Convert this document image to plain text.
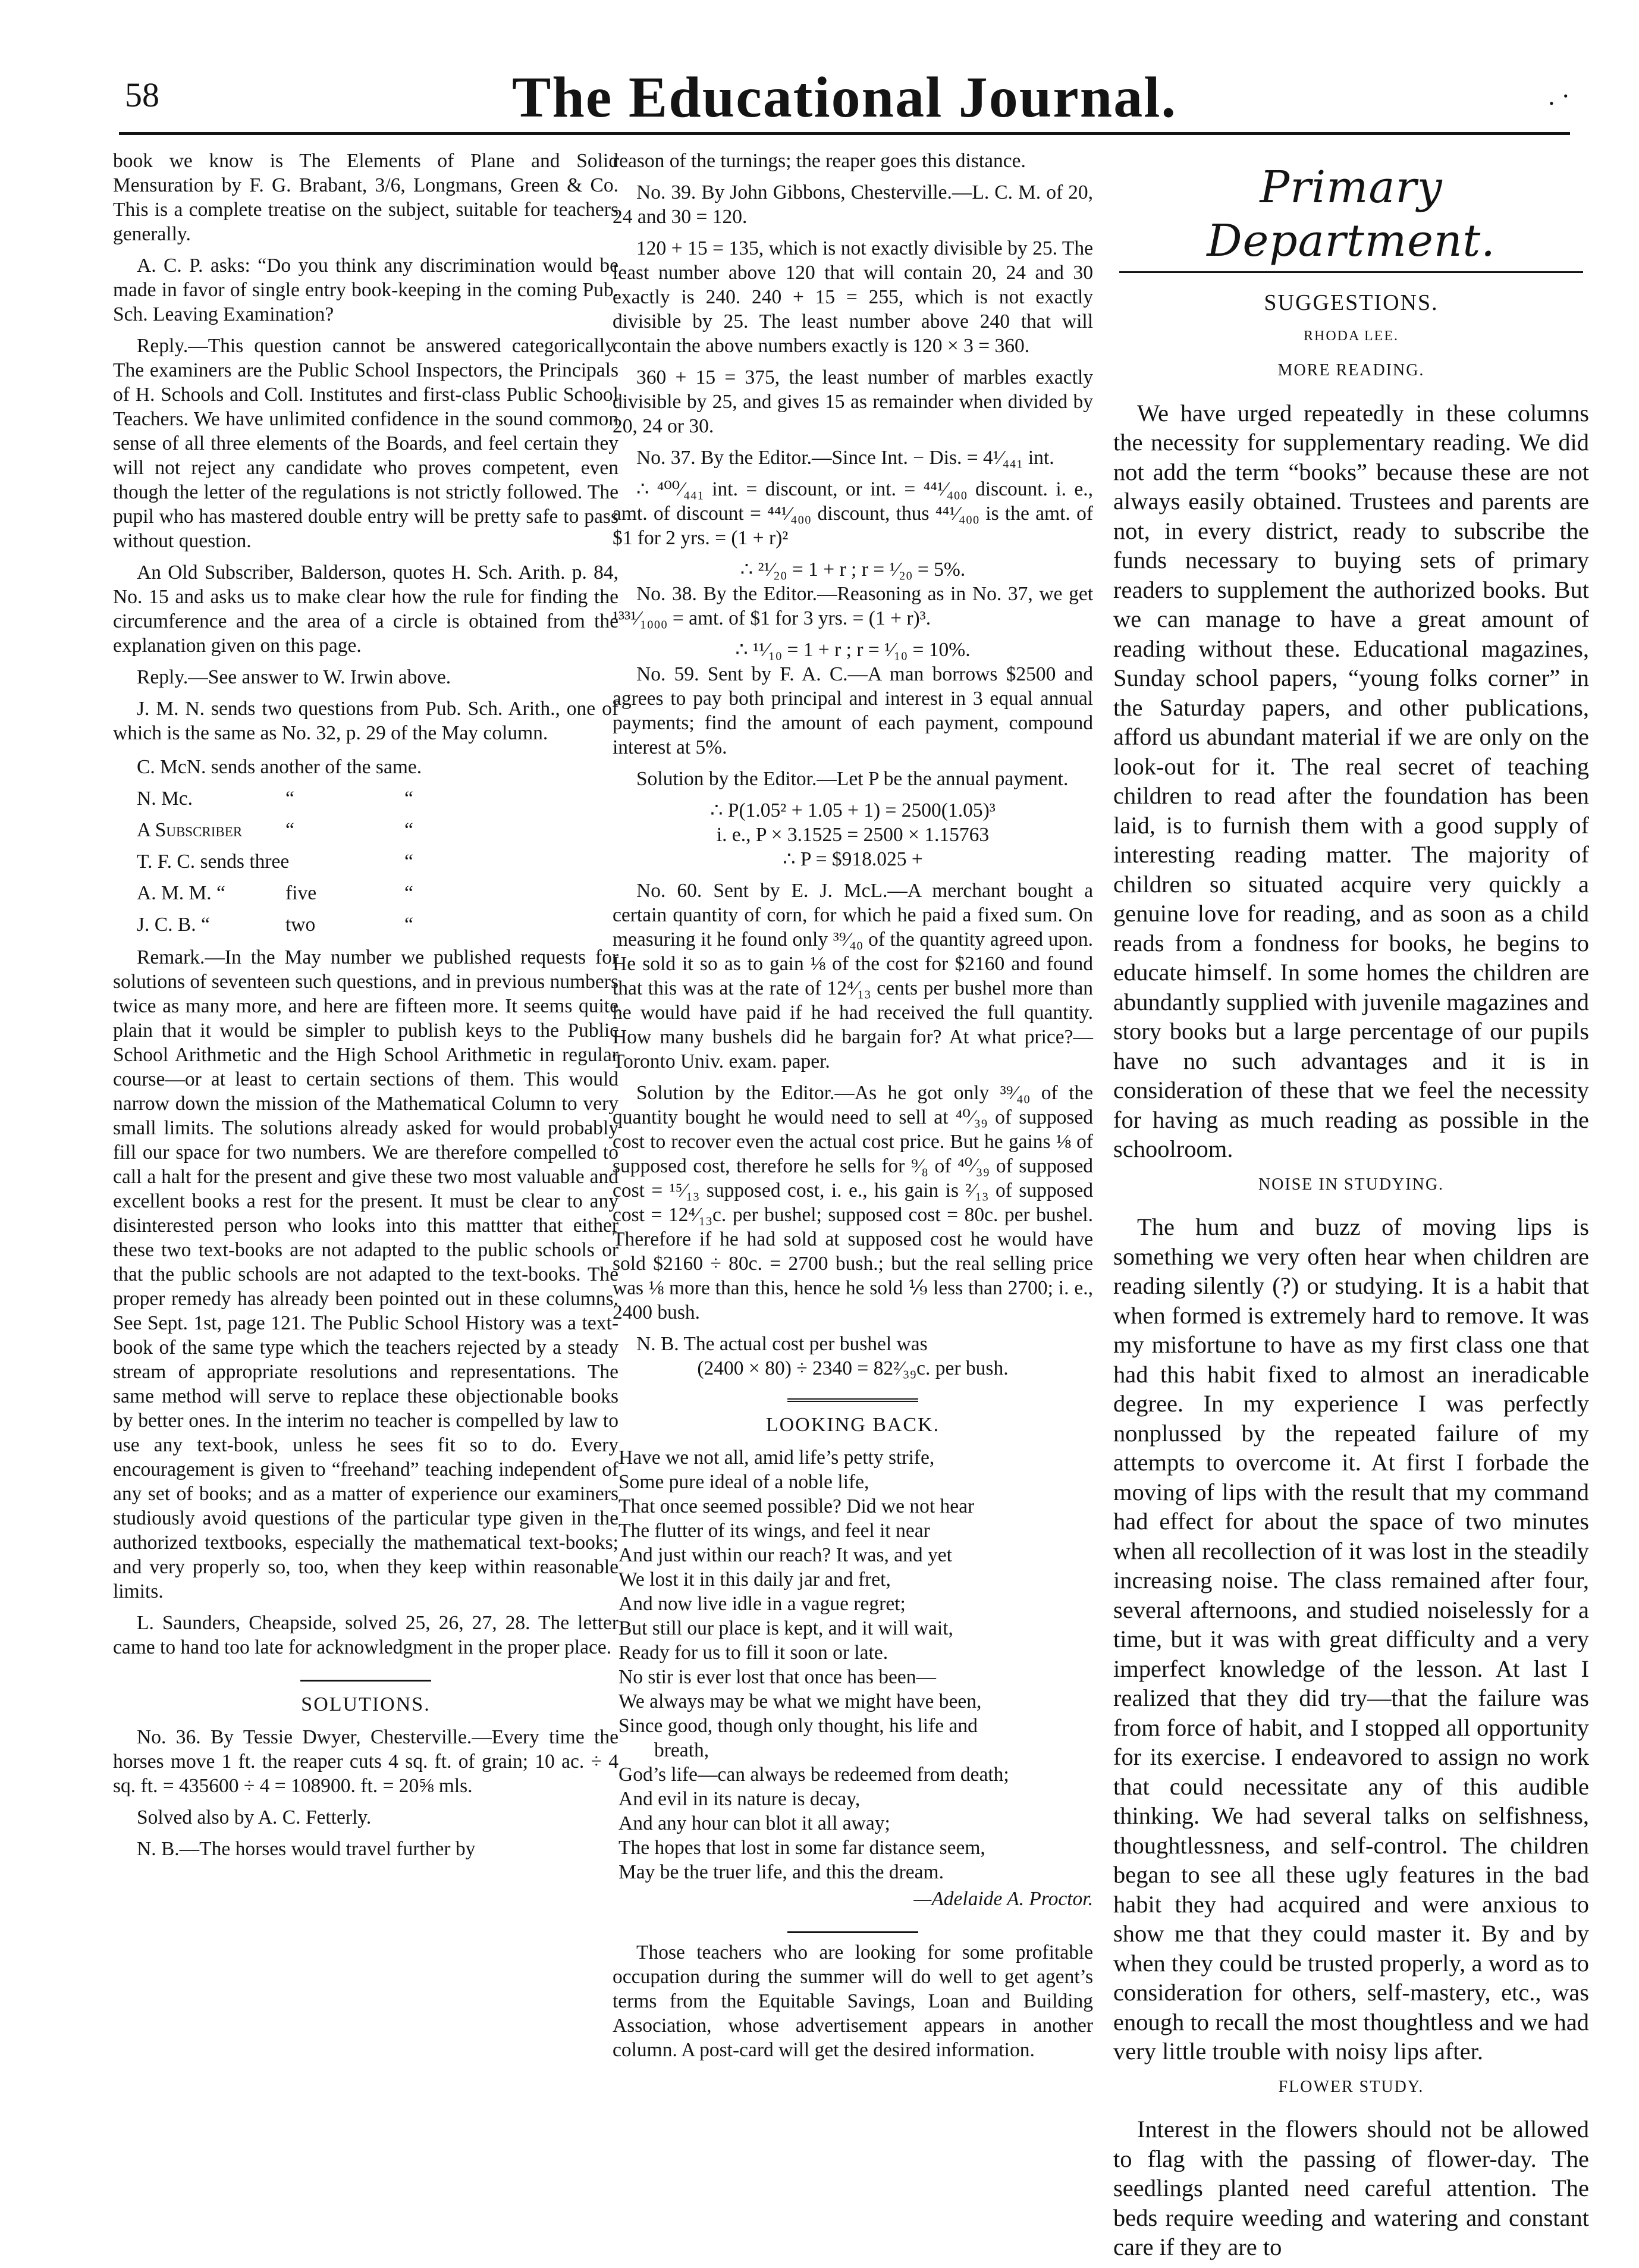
58	The Educational Journal.	. ·

book we know is The Elements of Plane and Solid Mensuration by F. G. Brabant, 3/6, Longmans, Green & Co. This is a complete treatise on the subject, suitable for teachers generally.

A. C. P. asks: “Do you think any discrimination would be made in favor of single entry book-keeping in the coming Pub. Sch. Leaving Examination?

Reply.—This question cannot be answered categorically. The examiners are the Public School Inspectors, the Principals of H. Schools and Coll. Institutes and first-class Public School Teachers. We have unlimited confidence in the sound common sense of all three elements of the Boards, and feel certain they will not reject any candidate who proves competent, even though the letter of the regulations is not strictly followed. The pupil who has mastered double entry will be pretty safe to pass without question.

An Old Subscriber, Balderson, quotes H. Sch. Arith. p. 84, No. 15 and asks us to make clear how the rule for finding the circumference and the area of a circle is obtained from the explanation given on this page.

Reply.—See answer to W. Irwin above.

J. M. N. sends two questions from Pub. Sch. Arith., one of which is the same as No. 32, p. 29 of the May column.

C. McN. sends another of the same.		
N. Mc.	“	“
A Subscriber	“	“
T. F. C. sends three		“
A. M. M. “	five	“
J. C. B. “	two	“

Remark.—In the May number we published requests for solutions of seventeen such questions, and in previous numbers twice as many more, and here are fifteen more. It seems quite plain that it would be simpler to publish keys to the Public School Arithmetic and the High School Arithmetic in regular course—or at least to certain sections of them. This would narrow down the mission of the Mathematical Column to very small limits. The solutions already asked for would probably fill our space for two numbers. We are therefore compelled to call a halt for the present and give these two most valuable and excellent books a rest for the present. It must be clear to any disinterested person who looks into this mattter that either these two text-books are not adapted to the public schools or that the public schools are not adapted to the text-books. The proper remedy has already been pointed out in these columns. See Sept. 1st, page 121. The Public School History was a text-book of the same type which the teachers rejected by a steady stream of appropriate resolutions and representations. The same method will serve to replace these objectionable books by better ones. In the interim no teacher is compelled by law to use any text-book, unless he sees fit so to do. Every encouragement is given to “freehand” teaching independent of any set of books; and as a matter of experience our examiners studiously avoid questions of the particular type given in the authorized textbooks, especially the mathematical text-books; and very properly so, too, when they keep within reasonable limits.

L. Saunders, Cheapside, solved 25, 26, 27, 28. The letter came to hand too late for acknowledgment in the proper place.

SOLUTIONS.

No. 36. By Tessie Dwyer, Chesterville.—Every time the horses move 1 ft. the reaper cuts 4 sq. ft. of grain; 10 ac. ÷ 4 sq. ft. = 435600 ÷ 4 = 108900. ft. = 20⅝ mls.

Solved also by A. C. Fetterly.

N. B.—The horses would travel further by

reason of the turnings; the reaper goes this distance.

No. 39. By John Gibbons, Chesterville.—L. C. M. of 20, 24 and 30 = 120.

120 + 15 = 135, which is not exactly divisible by 25. The least number above 120 that will contain 20, 24 and 30 exactly is 240. 240 + 15 = 255, which is not exactly divisible by 25. The least number above 240 that will contain the above numbers exactly is 120 × 3 = 360.

360 + 15 = 375, the least number of marbles exactly divisible by 25, and gives 15 as remainder when divided by 20, 24 or 30.

No. 37. By the Editor.—Since Int. − Dis. = 4¹⁄₄₄₁ int.

∴ ⁴⁰⁰⁄₄₄₁ int. = discount, or int. = ⁴⁴¹⁄₄₀₀ discount. i. e., amt. of discount = ⁴⁴¹⁄₄₀₀ discount, thus ⁴⁴¹⁄₄₀₀ is the amt. of $1 for 2 yrs. = (1 + r)²

∴ ²¹⁄₂₀ = 1 + r ; r = ¹⁄₂₀ = 5%.

No. 38. By the Editor.—Reasoning as in No. 37, we get ¹³³¹⁄₁₀₀₀ = amt. of $1 for 3 yrs. = (1 + r)³.

∴ ¹¹⁄₁₀ = 1 + r ; r = ¹⁄₁₀ = 10%.

No. 59. Sent by F. A. C.—A man borrows $2500 and agrees to pay both principal and interest in 3 equal annual payments; find the amount of each payment, compound interest at 5%.

Solution by the Editor.—Let P be the annual payment.

∴ P(1.05² + 1.05 + 1) = 2500(1.05)³
i. e., P × 3.1525 = 2500 × 1.15763
∴ P = $918.025 +

No. 60. Sent by E. J. McL.—A merchant bought a certain quantity of corn, for which he paid a fixed sum. On measuring it he found only ³⁹⁄₄₀ of the quantity agreed upon. He sold it so as to gain ⅛ of the cost for $2160 and found that this was at the rate of 12⁴⁄₁₃ cents per bushel more than he would have paid if he had received the full quantity. How many bushels did he bargain for? At what price?—Toronto Univ. exam. paper.

Solution by the Editor.—As he got only ³⁹⁄₄₀ of the quantity bought he would need to sell at ⁴⁰⁄₃₉ of supposed cost to recover even the actual cost price. But he gains ⅛ of supposed cost, therefore he sells for ⁹⁄₈ of ⁴⁰⁄₃₉ of supposed cost = ¹⁵⁄₁₃ supposed cost, i. e., his gain is ²⁄₁₃ of supposed cost = 12⁴⁄₁₃c. per bushel; supposed cost = 80c. per bushel. Therefore if he had sold at supposed cost he would have sold $2160 ÷ 80c. = 2700 bush.; but the real selling price was ⅛ more than this, hence he sold ⅑ less than 2700; i. e., 2400 bush.

N. B. The actual cost per bushel was

(2400 × 80) ÷ 2340 = 82²⁄₃₉c. per bush.
LOOKING BACK.
Have we not all, amid life’s petty strife,
Some pure ideal of a noble life,
That once seemed possible? Did we not hear
The flutter of its wings, and feel it near
And just within our reach? It was, and yet
We lost it in this daily jar and fret,
And now live idle in a vague regret;
But still our place is kept, and it will wait,
Ready for us to fill it soon or late.
No stir is ever lost that once has been—
We always may be what we might have been,
Since good, though only thought, his life and
breath,
God’s life—can always be redeemed from death;
And evil in its nature is decay,
And any hour can blot it all away;
The hopes that lost in some far distance seem,
May be the truer life, and this the dream.
—Adelaide A. Proctor.

Those teachers who are looking for some profitable occupation during the summer will do well to get agent’s terms from the Equitable Savings, Loan and Building Association, whose advertisement appears in another column. A post-card will get the desired information.

Primary Department.
SUGGESTIONS.
RHODA LEE.
MORE READING.

We have urged repeatedly in these columns the necessity for supplementary reading. We did not add the term “books” because these are not always easily obtained. Trustees and parents are not, in every district, ready to subscribe the funds necessary to buying sets of primary readers to supplement the authorized books. But we can manage to have a great amount of reading without these. Educational magazines, Sunday school papers, “young folks corner” in the Saturday papers, and other publications, afford us abundant material if we are only on the look-out for it. The real secret of teaching children to read after the foundation has been laid, is to furnish them with a good supply of interesting reading matter. The majority of children so situated acquire very quickly a genuine love for reading, and as soon as a child reads from a fondness for books, he begins to educate himself. In some homes the children are abundantly supplied with juvenile magazines and story books but a large percentage of our pupils have no such advantages and it is in consideration of these that we feel the necessity for having as much reading as possible in the schoolroom.

NOISE IN STUDYING.

The hum and buzz of moving lips is something we very often hear when children are reading silently (?) or studying. It is a habit that when formed is extremely hard to remove. It was my misfortune to have as my first class one that had this habit fixed to almost an ineradicable degree. In my experience I was perfectly nonplussed by the repeated failure of my attempts to overcome it. At first I forbade the moving of lips with the result that my command had effect for about the space of two minutes when all recollection of it was lost in the steadily increasing noise. The class remained after four, several afternoons, and studied noiselessly for a time, but it was with great difficulty and a very imperfect knowledge of the lesson. At last I realized that they did try—that the failure was from force of habit, and I stopped all opportunity for its exercise. I endeavored to assign no work that could necessitate any of this audible thinking. We had several talks on selfishness, thoughtlessness, and self-control. The children began to see all these ugly features in the bad habit they had acquired and were anxious to show me that they could master it. By and by when they could be trusted properly, a word as to consideration for others, self-mastery, etc., was enough to recall the most thoughtless and we had very little trouble with noisy lips after.

FLOWER STUDY.

Interest in the flowers should not be allowed to flag with the passing of flower-day. The seedlings planted need careful attention. The beds require weeding and watering and constant care if they are to
